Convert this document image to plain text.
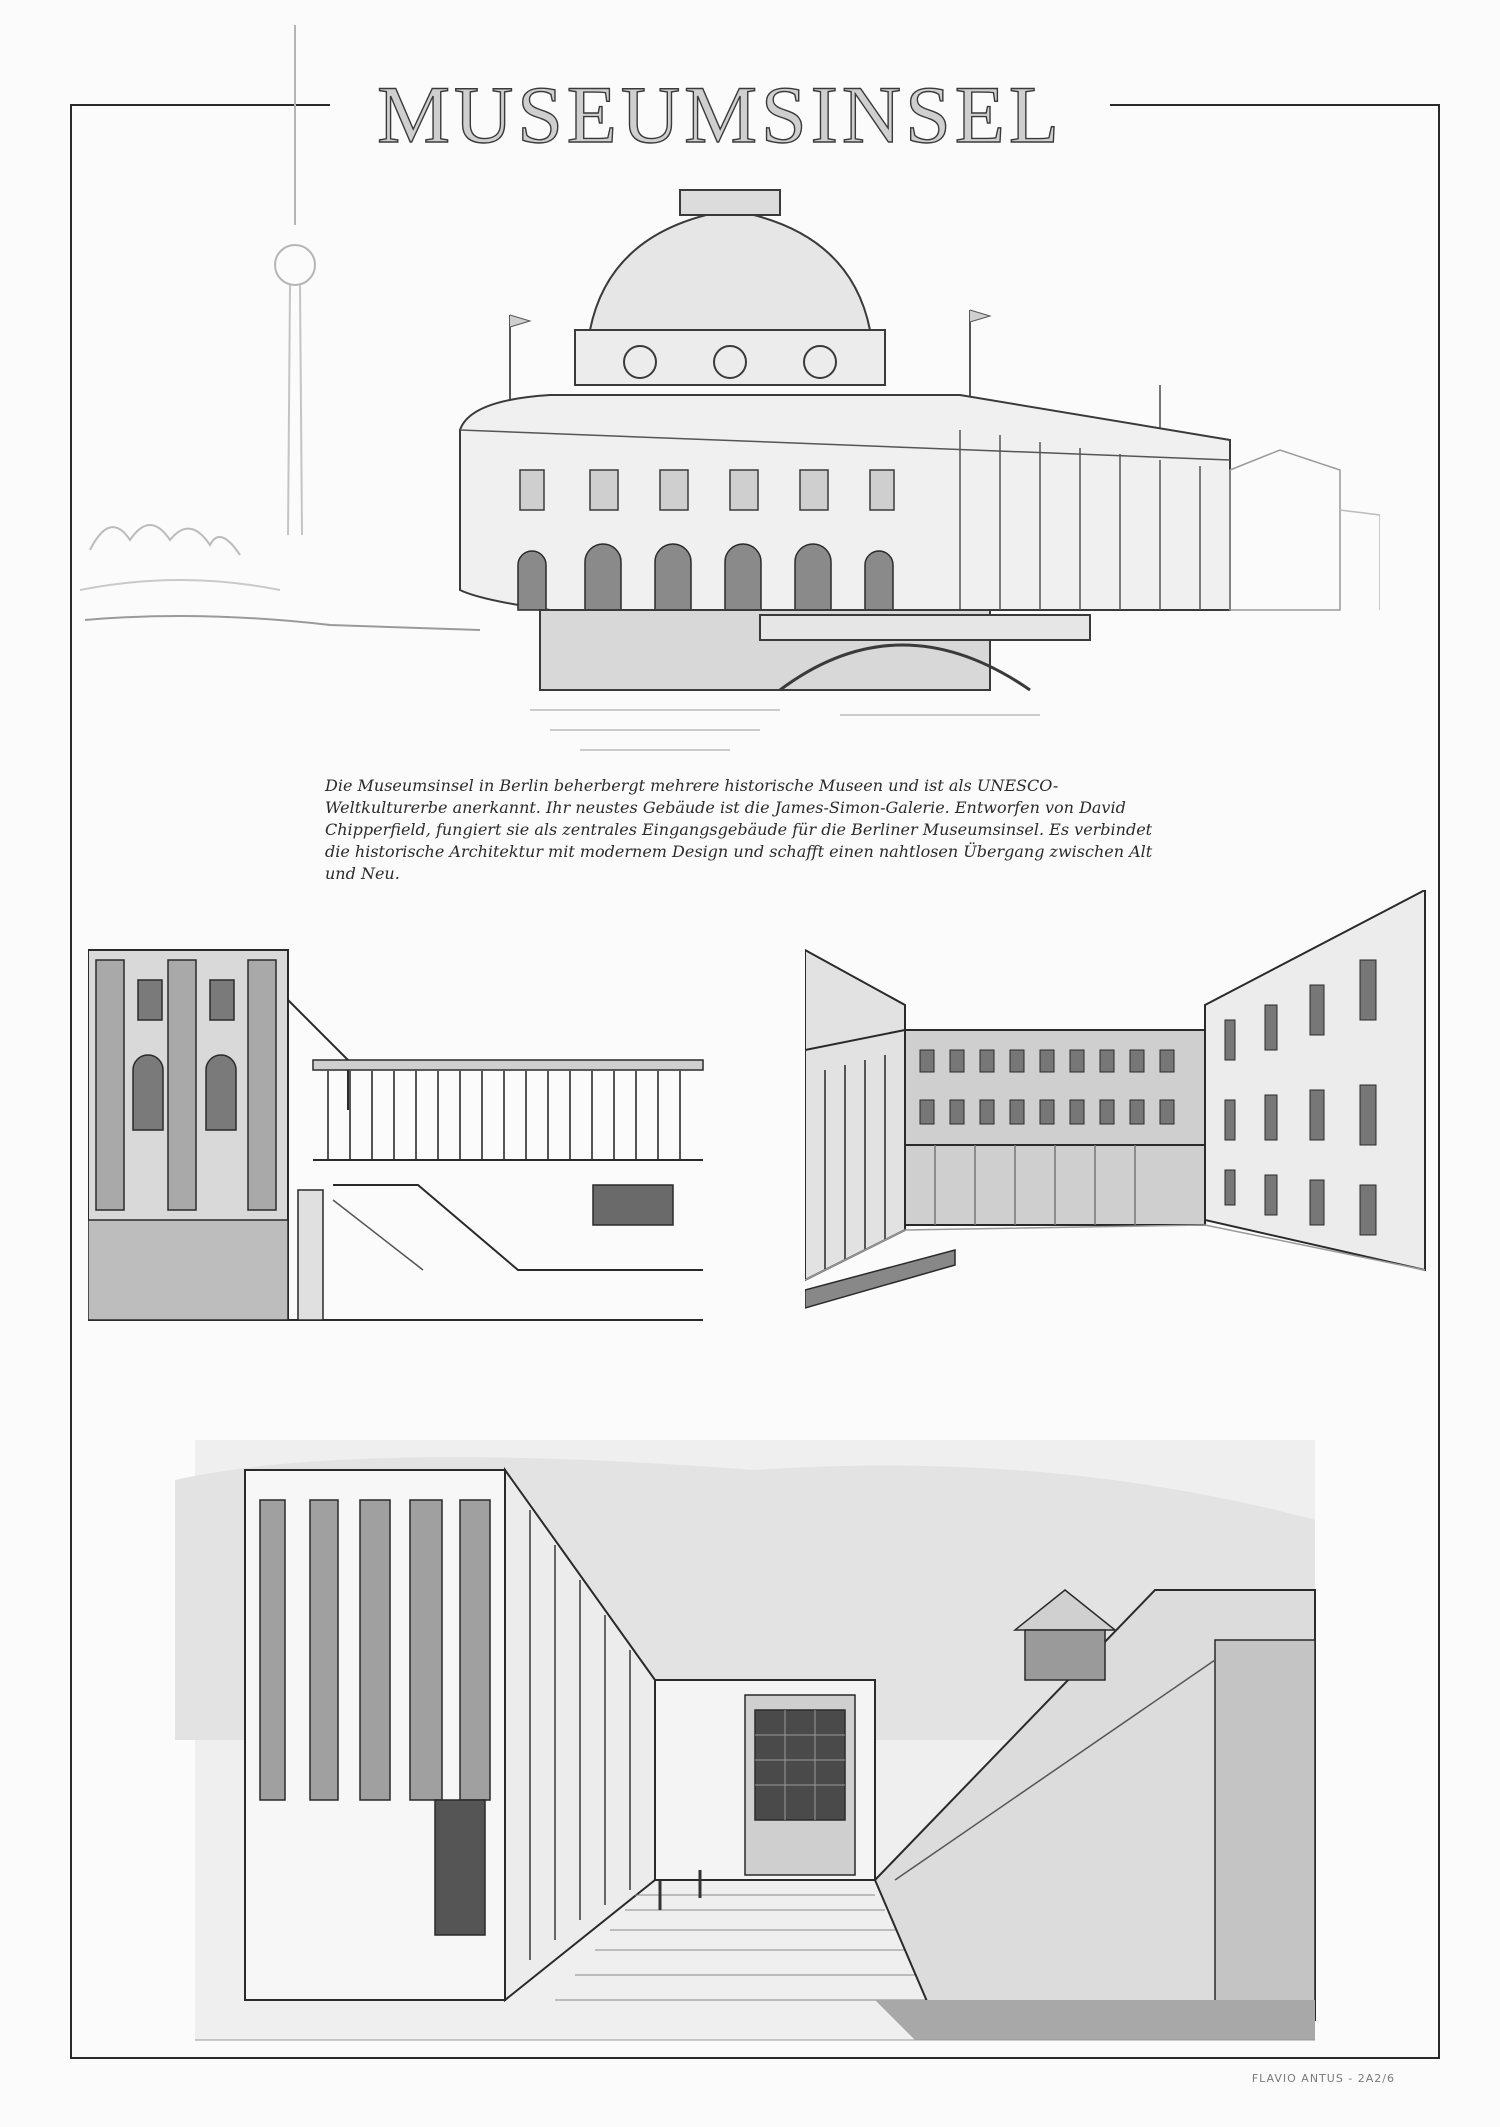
MUSEUMSINSEL
Die Museumsinsel in Berlin beherbergt mehrere historische Museen und ist als UNESCO-Weltkulturerbe anerkannt. Ihr neustes Gebäude ist die James-Simon-Galerie. Entworfen von David Chipperfield, fungiert sie als zentrales Eingangsgebäude für die Berliner Museumsinsel. Es verbindet die historische Architektur mit modernem Design und schafft einen nahtlosen Übergang zwischen Alt und Neu.
FLAVIO ANTUS - 2A2/6
